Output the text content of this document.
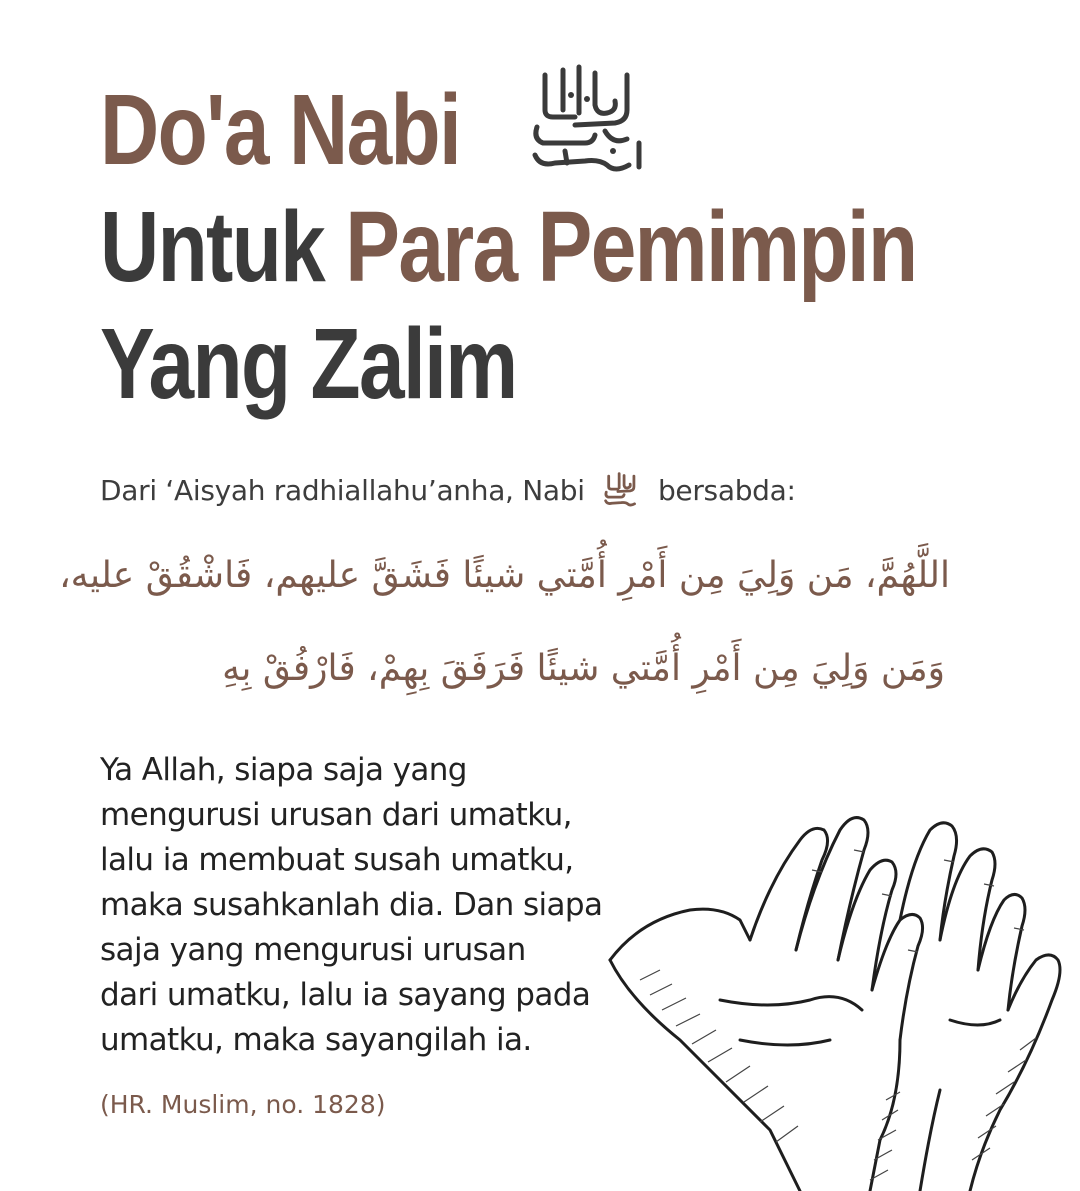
Do'a Nabi
Untuk Para Pemimpin
Yang Zalim
Dari ‘Aisyah radhiallahu’anha, Nabi	bersabda:
اللَّهُمَّ، مَن وَلِيَ مِن أَمْرِ أُمَّتي شيئًا فَشَقَّ عليهم، فَاشْقُقْ عليه،
وَمَن وَلِيَ مِن أَمْرِ أُمَّتي شيئًا فَرَفَقَ بِهِمْ، فَارْفُقْ بِهِ
Ya Allah, siapa saja yang
mengurusi urusan dari umatku,
lalu ia membuat susah umatku,
maka susahkanlah dia. Dan siapa
saja yang mengurusi urusan
dari umatku, lalu ia sayang pada
umatku, maka sayangilah ia.
(HR. Muslim, no. 1828)
